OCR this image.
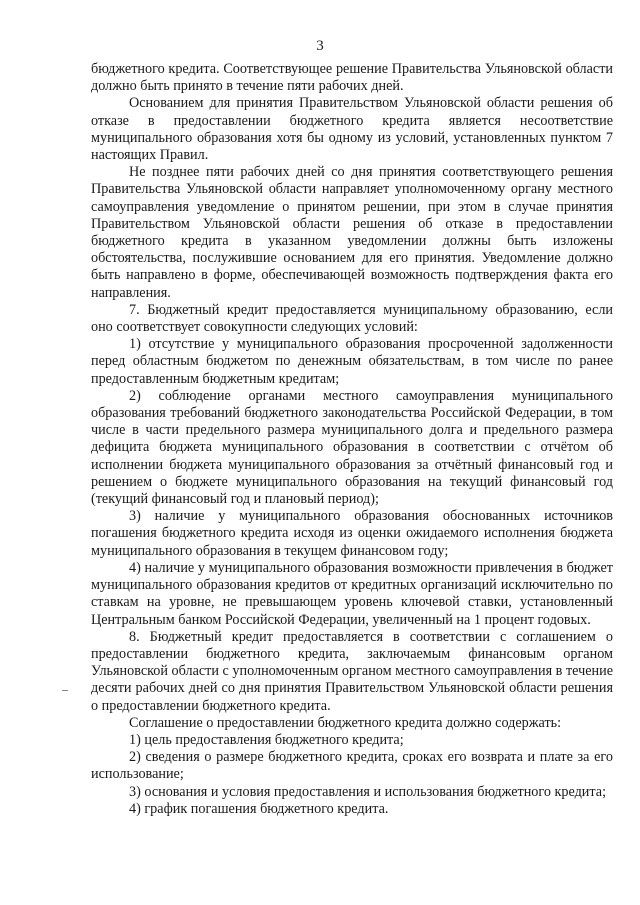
3

бюджетного кредита. Соответствующее решение Правительства Ульяновской области должно быть принято в течение пяти рабочих дней.

Основанием для принятия Правительством Ульяновской области решения об отказе в предоставлении бюджетного кредита является несоответствие муниципального образования хотя бы одному из условий, установленных пунктом 7 настоящих Правил.

Не позднее пяти рабочих дней со дня принятия соответствующего решения Правительства Ульяновской области направляет уполномоченному органу местного самоуправления уведомление о принятом решении, при этом в случае принятия Правительством Ульяновской области решения об отказе в предоставлении бюджетного кредита в указанном уведомлении должны быть изложены обстоятельства, послужившие основанием для его принятия. Уведомление должно быть направлено в форме, обеспечивающей возможность подтверждения факта его направления.

7. Бюджетный кредит предоставляется муниципальному образованию, если оно соответствует совокупности следующих условий:

1) отсутствие у муниципального образования просроченной задолженности перед областным бюджетом по денежным обязательствам, в том числе по ранее предоставленным бюджетным кредитам;

2) соблюдение органами местного самоуправления муниципального образования требований бюджетного законодательства Российской Федерации, в том числе в части предельного размера муниципального долга и предельного размера дефицита бюджета муниципального образования в соответствии с отчётом об исполнении бюджета муниципального образования за отчётный финансовый год и решением о бюджете муниципального образования на текущий финансовый год (текущий финансовый год и плановый период);

3) наличие у муниципального образования обоснованных источников погашения бюджетного кредита исходя из оценки ожидаемого исполнения бюджета муниципального образования в текущем финансовом году;

4) наличие у муниципального образования возможности привлечения в бюджет муниципального образования кредитов от кредитных организаций исключительно по ставкам на уровне, не превышающем уровень ключевой ставки, установленный Центральным банком Российской Федерации, увеличенный на 1 процент годовых.

8. Бюджетный кредит предоставляется в соответствии с соглашением о предоставлении бюджетного кредита, заключаемым финансовым органом Ульяновской области с уполномоченным органом местного самоуправления в течение десяти рабочих дней со дня принятия Правительством Ульяновской области решения о предоставлении бюджетного кредита.

Соглашение о предоставлении бюджетного кредита должно содержать:

1) цель предоставления бюджетного кредита;

2) сведения о размере бюджетного кредита, сроках его возврата и плате за его использование;

3) основания и условия предоставления и использования бюджетного кредита;

4) график погашения бюджетного кредита.
